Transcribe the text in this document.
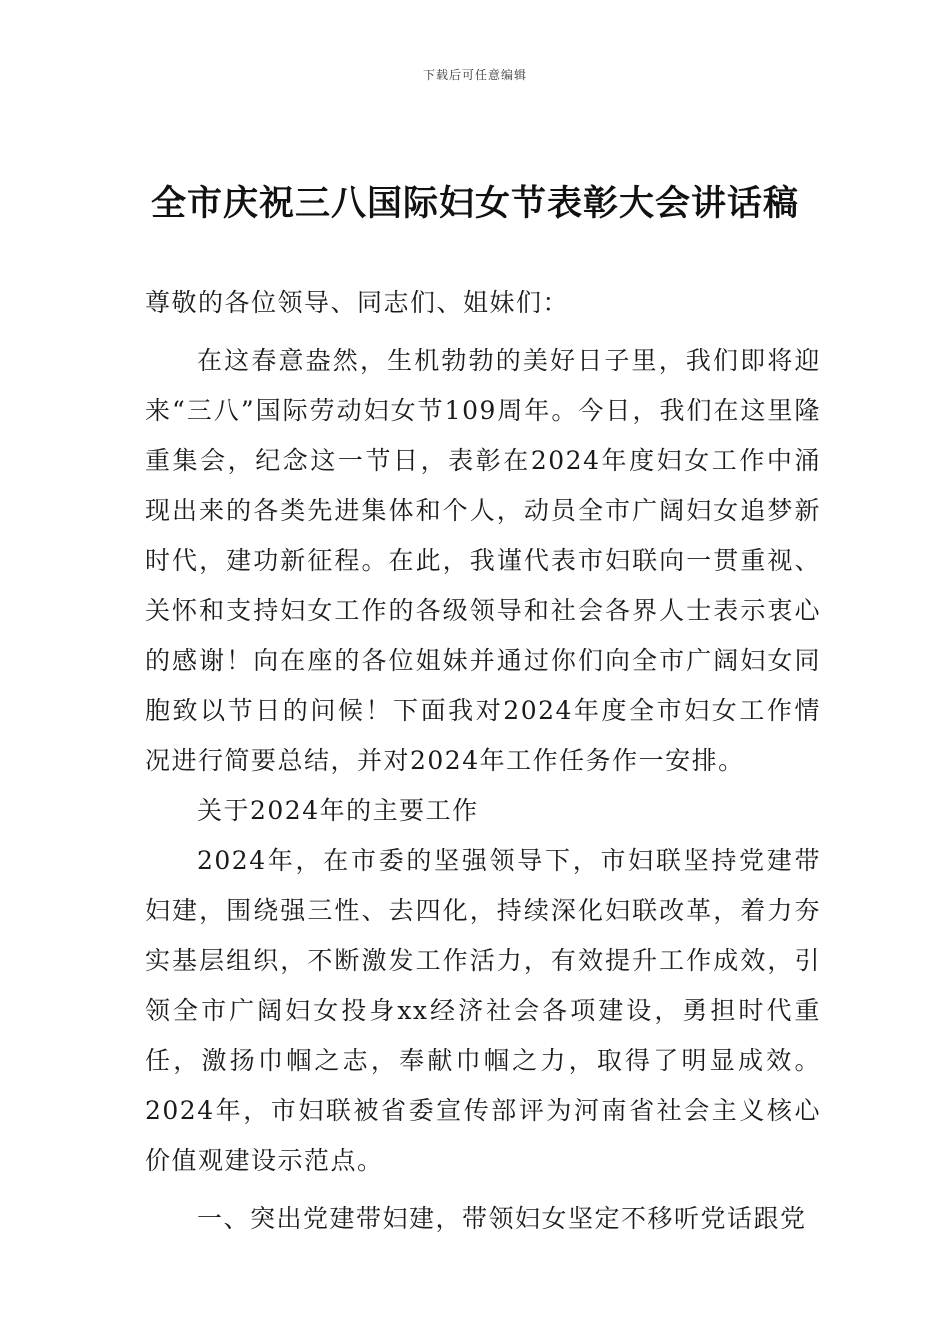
下载后可任意编辑
全市庆祝三八国际妇女节表彰大会讲话稿

尊敬的各位领导、同志们、姐妹们：

在这春意盎然，生机勃勃的美好日子里，我们即将迎来“三八”国际劳动妇女节109周年。今日，我们在这里隆重集会，纪念这一节日，表彰在2024年度妇女工作中涌现出来的各类先进集体和个人，动员全市广阔妇女追梦新时代，建功新征程。在此，我谨代表市妇联向一贯重视、关怀和支持妇女工作的各级领导和社会各界人士表示衷心的感谢！向在座的各位姐妹并通过你们向全市广阔妇女同胞致以节日的问候！下面我对2024年度全市妇女工作情况进行简要总结，并对2024年工作任务作一安排。

关于2024年的主要工作

2024年，在市委的坚强领导下，市妇联坚持党建带妇建，围绕强三性、去四化，持续深化妇联改革，着力夯实基层组织，不断激发工作活力，有效提升工作成效，引领全市广阔妇女投身xx经济社会各项建设，勇担时代重任，激扬巾帼之志，奉献巾帼之力，取得了明显成效。2024年，市妇联被省委宣传部评为河南省社会主义核心价值观建设示范点。

一、突出党建带妇建，带领妇女坚定不移听党话跟党
